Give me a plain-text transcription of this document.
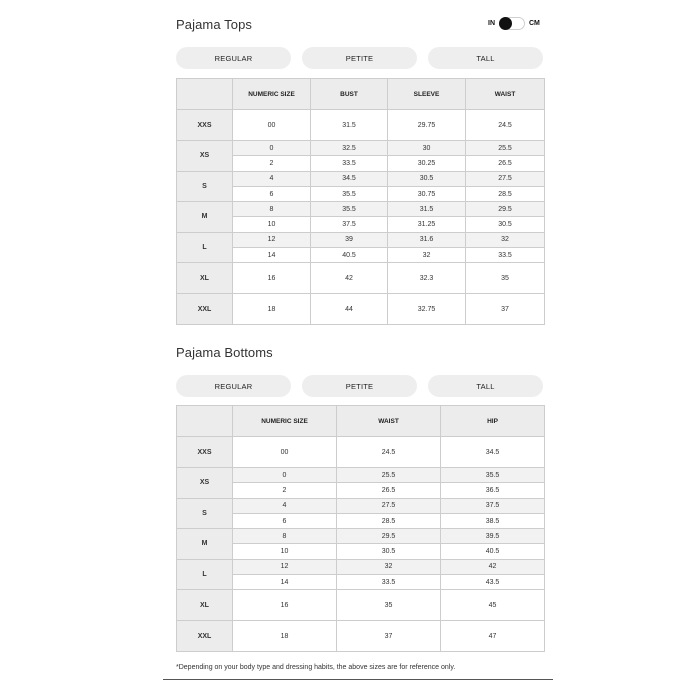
Pajama Tops	IN	CM
REGULAR	PETITE	TALL
	NUMERIC SIZE	BUST	SLEEVE	WAIST
XXS	00	31.5	29.75	24.5
XS	0	32.5	30	25.5
	2	33.5	30.25	26.5
S	4	34.5	30.5	27.5
	6	35.5	30.75	28.5
M	8	35.5	31.5	29.5
	10	37.5	31.25	30.5
L	12	39	31.6	32
	14	40.5	32	33.5
XL	16	42	32.3	35
XXL	18	44	32.75	37
Pajama Bottoms
REGULAR	PETITE	TALL
	NUMERIC SIZE	WAIST	HIP
XXS	00	24.5	34.5
XS	0	25.5	35.5
	2	26.5	36.5
S	4	27.5	37.5
	6	28.5	38.5
M	8	29.5	39.5
	10	30.5	40.5
L	12	32	42
	14	33.5	43.5
XL	16	35	45
XXL	18	37	47
*Depending on your body type and dressing habits, the above sizes are for reference only.
